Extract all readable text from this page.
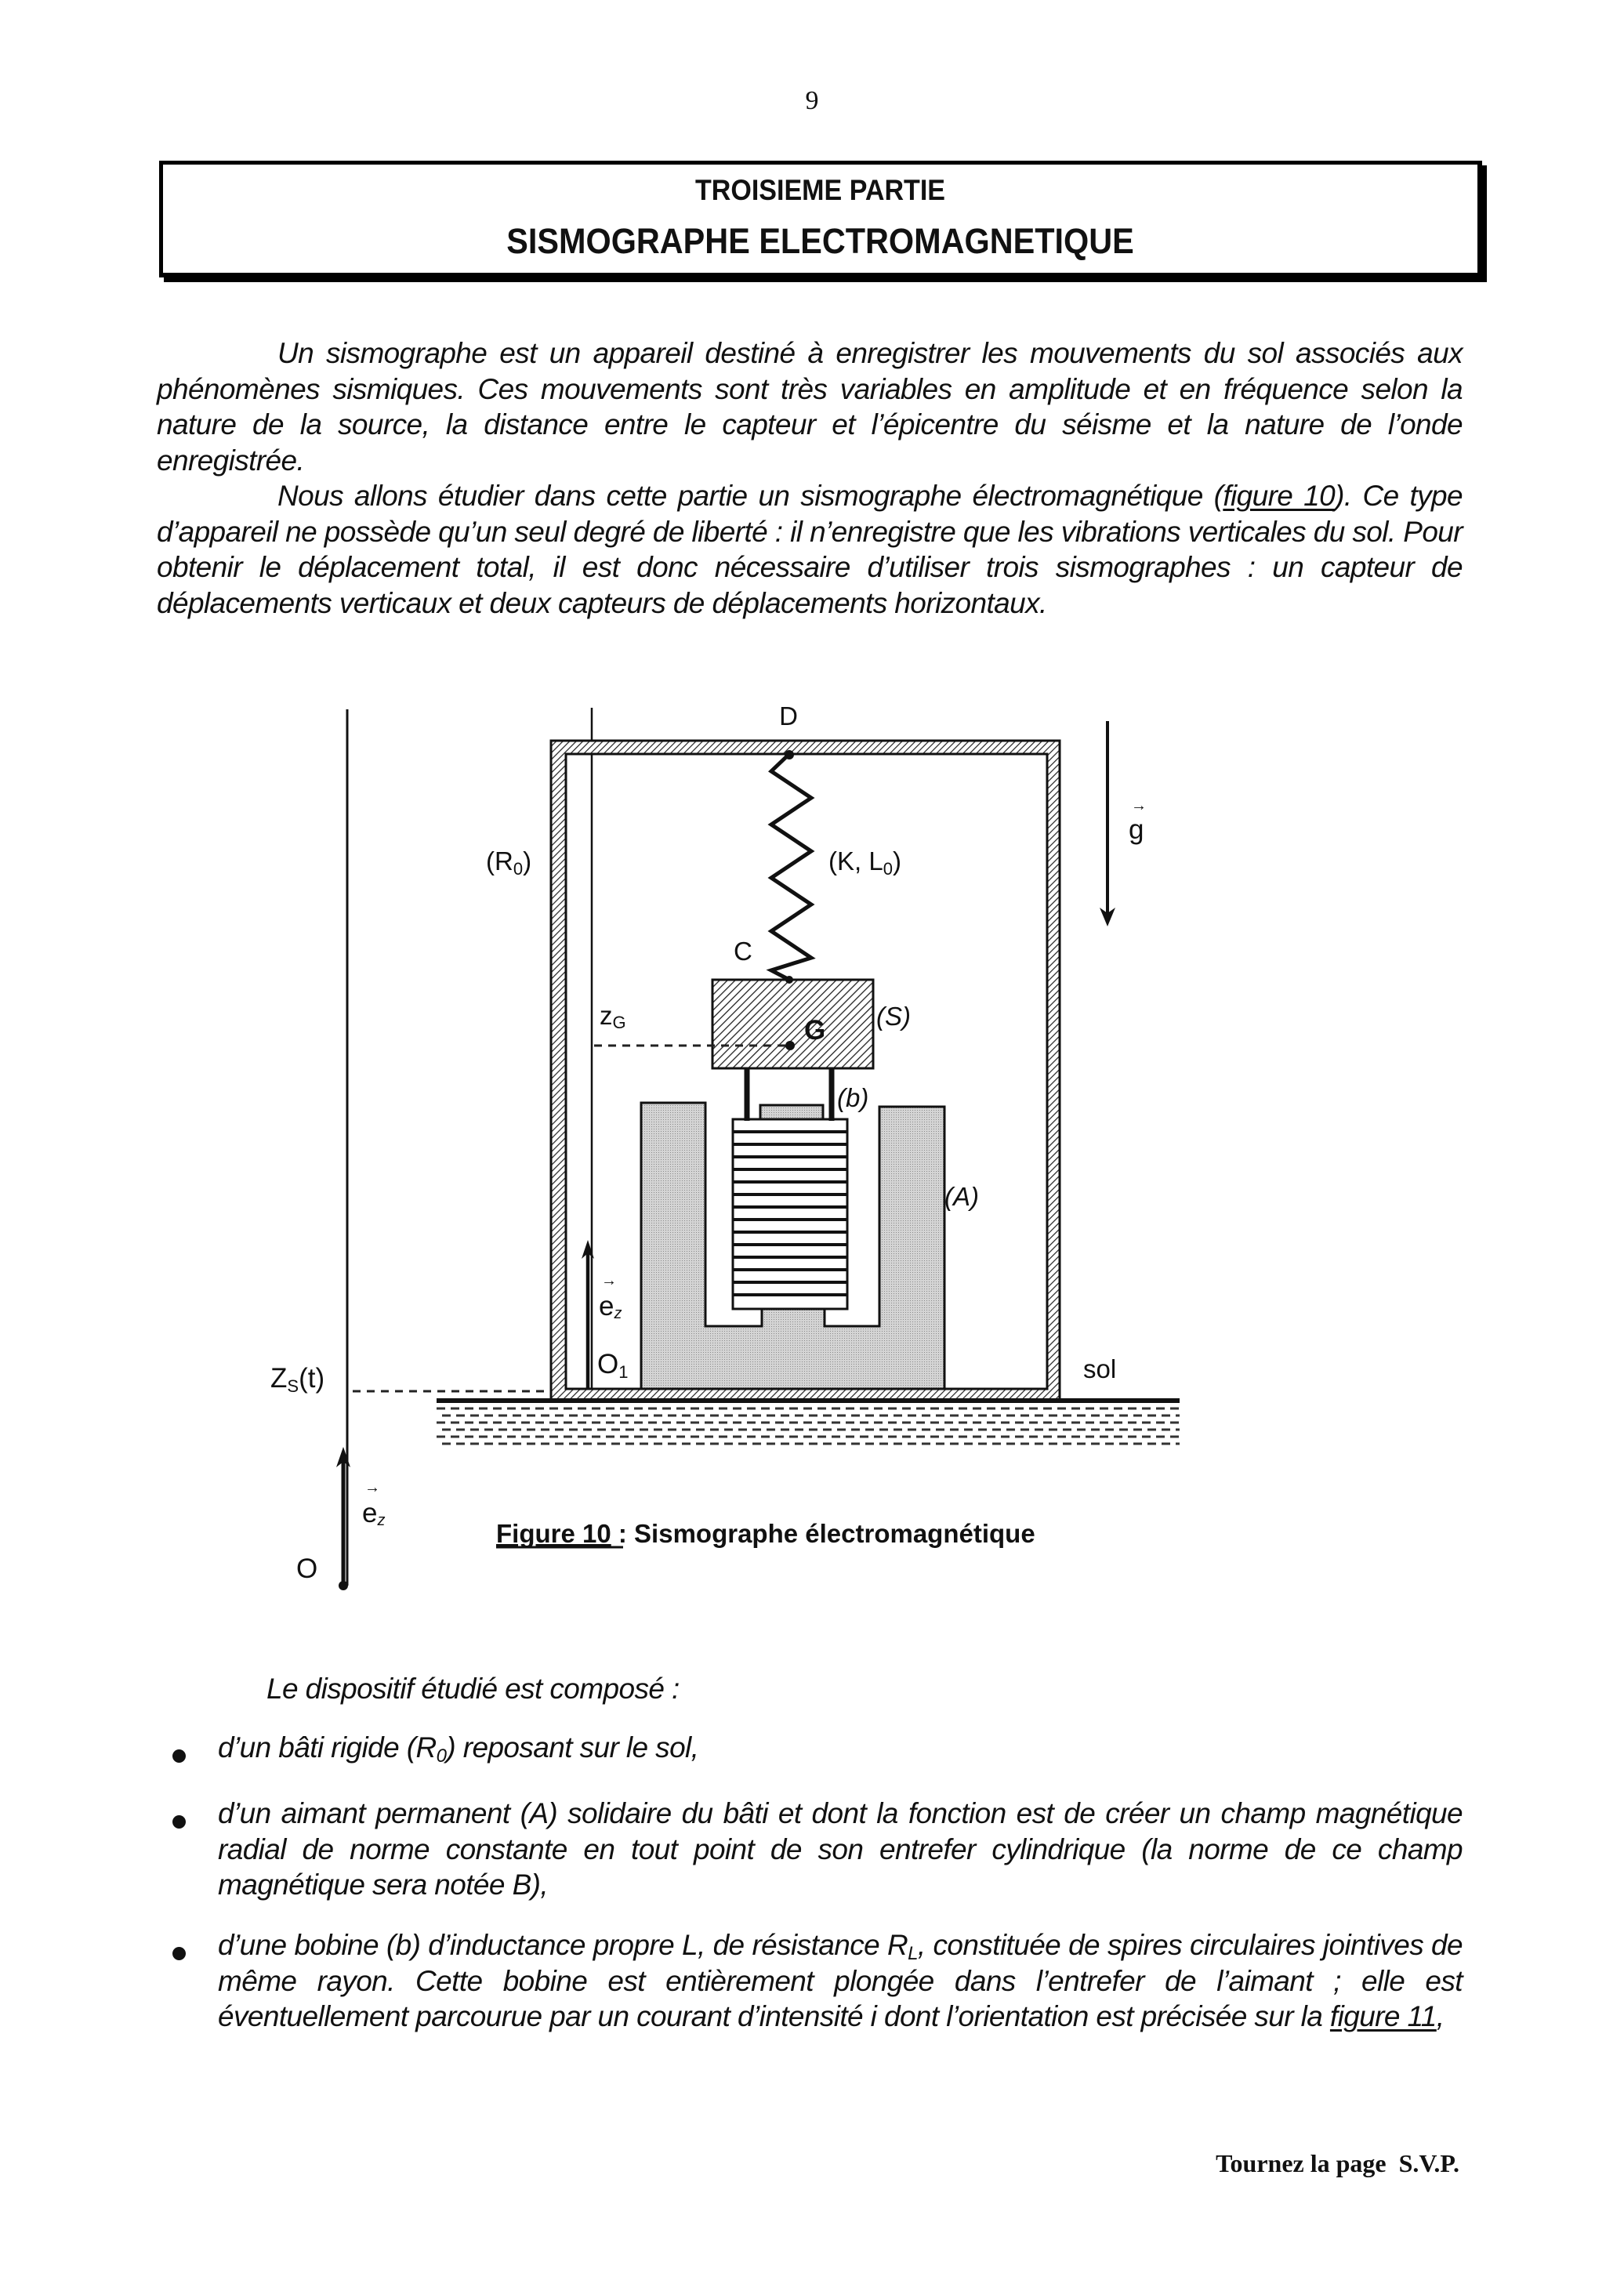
9
TROISIEME PARTIE
SISMOGRAPHE ELECTROMAGNETIQUE
Un sismographe est un appareil destiné à enregistrer les mouvements du sol associés aux phénomènes sismiques. Ces mouvements sont très variables en amplitude et en fréquence selon la nature de la source, la distance entre le capteur et l’épicentre du séisme et la nature de l’onde enregistrée.
Nous allons étudier dans cette partie un sismographe électromagnétique (figure 10). Ce type d’appareil ne possède qu’un seul degré de liberté : il n’enregistre que les vibrations verticales du sol. Pour obtenir le déplacement total, il est donc nécessaire d’utiliser trois sismographes : un capteur de déplacements verticaux et deux capteurs de déplacements horizontaux.
D
(R0)	(K, L0)
C
zG	G (S)
(b)
(A)
ez
→
O1	sol
ZS(t)
ez
→
O
g
→
Figure 10 : Sismographe électromagnétique
Le dispositif étudié est composé :
d’un bâti rigide $(R_0)$ reposant sur le sol,
d’un aimant permanent (A) solidaire du bâti et dont la fonction est de créer un champ magnétique radial de norme constante en tout point de son entrefer cylindrique (la norme de ce champ magnétique sera notée B),
d’une bobine (b) d’inductance propre L, de résistance $R_L$, constituée de spires circulaires jointives de même rayon. Cette bobine est entièrement plongée dans l’entrefer de l’aimant ; elle est éventuellement parcourue par un courant d’intensité i dont l’orientation est précisée sur la figure 11,
Tournez la page  S.V.P.
